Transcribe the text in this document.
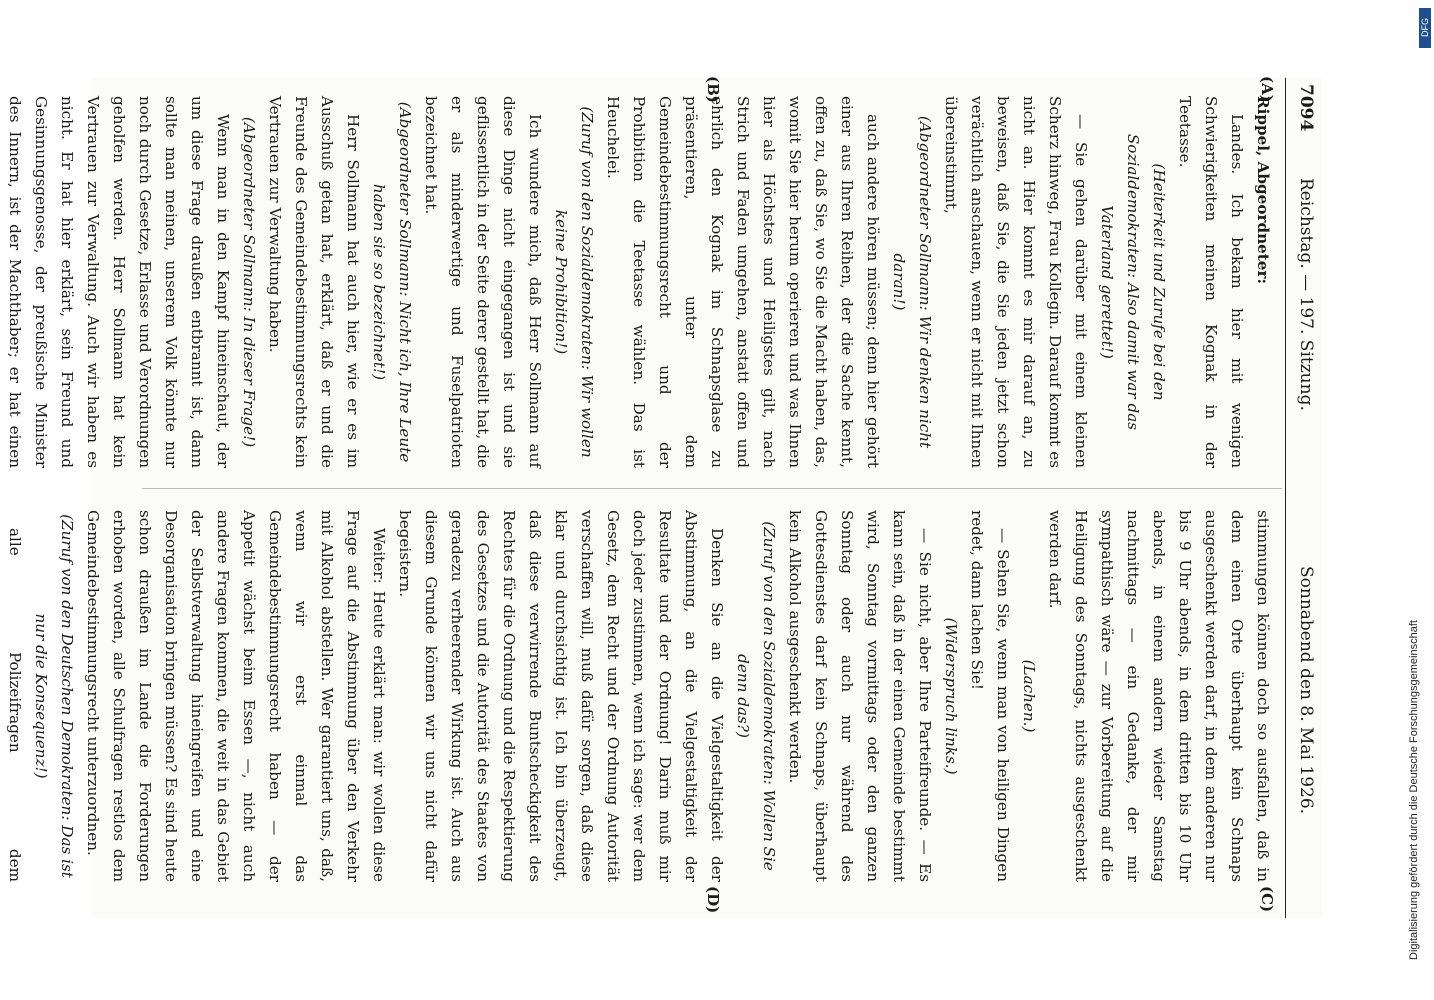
7094
Reichstag. — 197. Sitzung.
Sonnabend den 8. Mai 1926.

Rippel, Abgeordneter:

Landes. Ich bekam hier mit wenigen Schwierigkeiten meinen Kognak in der Teetasse.

(Heiterkeit und Zurufe bei den Sozialdemokraten: Also damit war das Vaterland gerettet!)

— Sie gehen darüber mit einem kleinen Scherz hinweg, Frau Kollegin. Darauf kommt es nicht an. Hier kommt es mir darauf an, zu beweisen, daß Sie, die Sie jeden jetzt schon verächtlich anschauen, wenn er nicht mit Ihnen übereinstimmt,

(Abgeordneter Sollmann: Wir denken nicht daran!)

auch andere hören müssen; denn hier gehört einer aus Ihren Reihen, der die Sache kennt, offen zu, daß Sie, wo Sie die Macht haben, das, womit Sie hier herum operieren und was Ihnen hier als Höchstes und Heiligstes gilt, nach Strich und Faden umgehen, anstatt offen und ehrlich den Kognak im Schnapsglase zu präsentieren, unter dem Gemeindebestimmungsrecht und der Prohibition die Teetasse wählen. Das ist Heuchelei.

(Zuruf von den Sozialdemokraten: Wir wollen keine Prohibition!)

Ich wundere mich, daß Herr Sollmann auf diese Dinge nicht eingegangen ist und sie geflissentlich in der Seite derer gestellt hat, die er als minderwertige und Fuselpatrioten bezeichnet hat.

(Abgeordneter Sollmann: Nicht ich, Ihre Leute haben sie so bezeichnet!)

Herr Sollmann hat auch hier, wie er es im Ausschuß getan hat, erklärt, daß er und die Freunde des Gemeindebestimmungsrechts kein Vertrauen zur Verwaltung haben.

(Abgeordneter Sollmann: In dieser Frage!)

Wenn man in den Kampf hineinschaut, der um diese Frage draußen entbrannt ist, dann sollte man meinen, unserem Volk könnte nur noch durch Gesetze, Erlasse und Verordnungen geholfen werden. Herr Sollmann hat kein Vertrauen zur Verwaltung. Auch wir haben es nicht. Er hat hier erklärt, sein Freund und Gesinnungsgenosse, der preußische Minister des Innern, ist der Machthaber; er hat einen

stimmungen können doch so ausfallen, daß in dem einen Orte überhaupt kein Schnaps ausgeschenkt werden darf, in dem anderen nur bis 9 Uhr abends, in dem dritten bis 10 Uhr abends, in einem andern wieder Samstag nachmittags — ein Gedanke, der mir sympathisch wäre — zur Vorbereitung auf die Heiligung des Sonntags, nichts ausgeschenkt werden darf.

(Lachen.)

— Sehen Sie, wenn man von heiligen Dingen redet, dann lachen Sie!

(Widerspruch links.)

— Sie nicht, aber Ihre Parteifreunde. — Es kann sein, daß in der einen Gemeinde bestimmt wird, Sonntag vormittags oder den ganzen Sonntag oder auch nur während des Gottesdienstes darf kein Schnaps, überhaupt kein Alkohol ausgeschenkt werden.

(Zuruf von den Sozialdemokraten: Wollen Sie denn das?)

Denken Sie an die Vielgestaltigkeit der Abstimmung, an die Vielgestaltigkeit der Resultate und der Ordnung! Darin muß mir doch jeder zustimmen, wenn ich sage: wer dem Gesetz, dem Recht und der Ordnung Autorität verschaffen will, muß dafür sorgen, daß diese klar und durchsichtig ist. Ich bin überzeugt, daß diese verwirrende Buntscheckigkeit des Rechtes für die Ordnung und die Respektierung des Gesetzes und die Autorität des Staates von geradezu verheerender Wirkung ist. Auch aus diesem Grunde können wir uns nicht dafür begeistern.

Weiter: Heute erklärt man: wir wollen diese Frage auf die Abstimmung über den Verkehr mit Alkohol abstellen. Wer garantiert uns, daß, wenn wir erst einmal das Gemeindebestimmungsrecht haben — der Appetit wächst beim Essen —, nicht auch andere Fragen kommen, die weit in das Gebiet der Selbstverwaltung hineingreifen und eine Desorganisation bringen müssen? Es sind heute schon draußen im Lande die Forderungen erhoben worden, alle Schulfragen restlos dem Gemeindebestimmungsrecht unterzuordnen.

(Zuruf von den Deutschen Demokraten: Das ist nur die Konsequenz!)

alle Polizeifragen dem

(A)
(B)
(C)
(D)
DFG
Digitalisierung gefördert durch die Deutsche Forschungsgemeinschaft
